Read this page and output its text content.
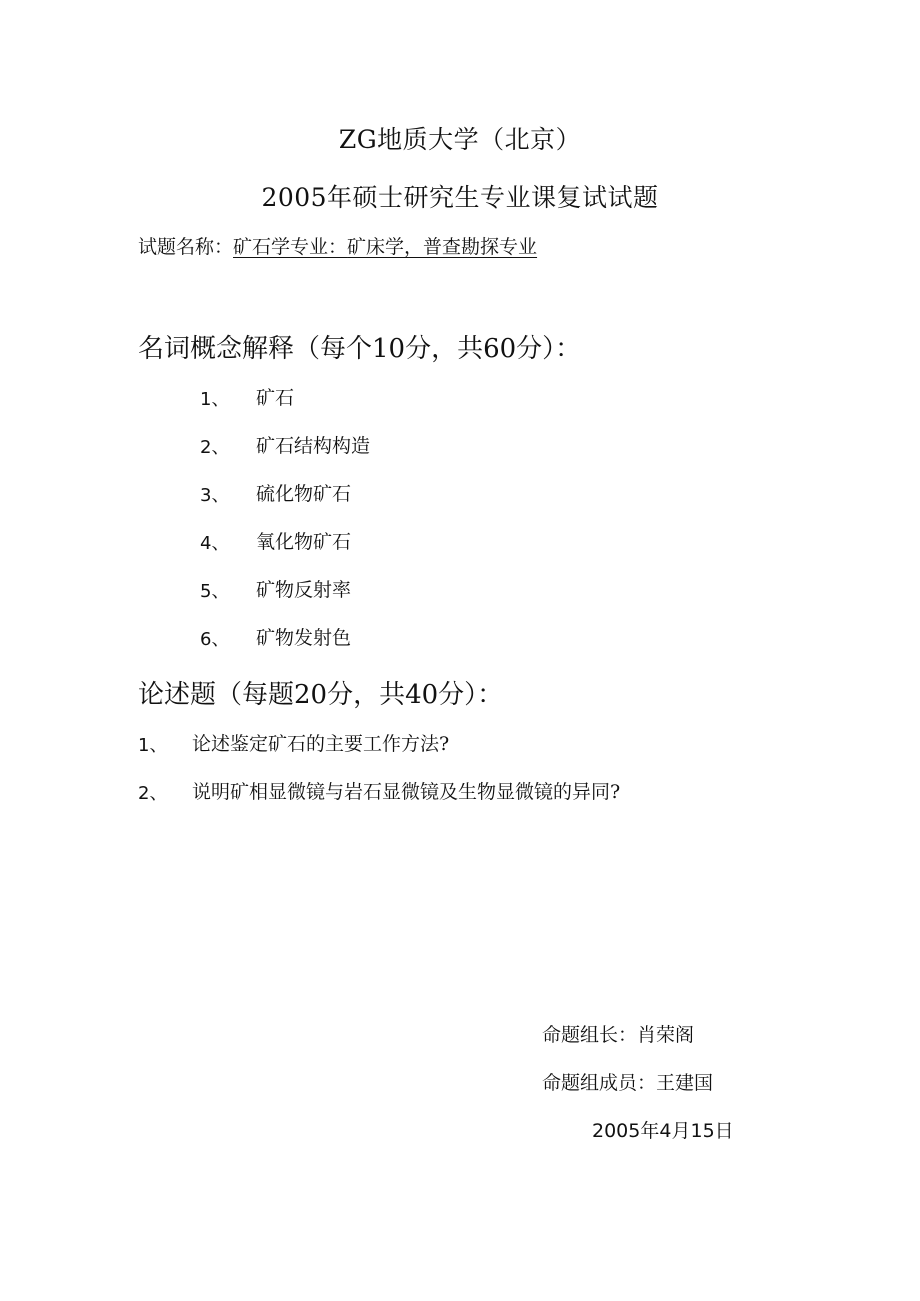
ZG地质大学（北京）
2005年硕士研究生专业课复试试题
试题名称：矿石学专业：矿床学，普查勘探专业
名词概念解释（每个10分，共60分）：
1、 矿石
2、 矿石结构构造
3、 硫化物矿石
4、 氧化物矿石
5、 矿物反射率
6、 矿物发射色
论述题（每题20分，共40分）：
1、 论述鉴定矿石的主要工作方法?
2、 说明矿相显微镜与岩石显微镜及生物显微镜的异同?
命题组长：肖荣阁
命题组成员：王建国
2005年4月15日
